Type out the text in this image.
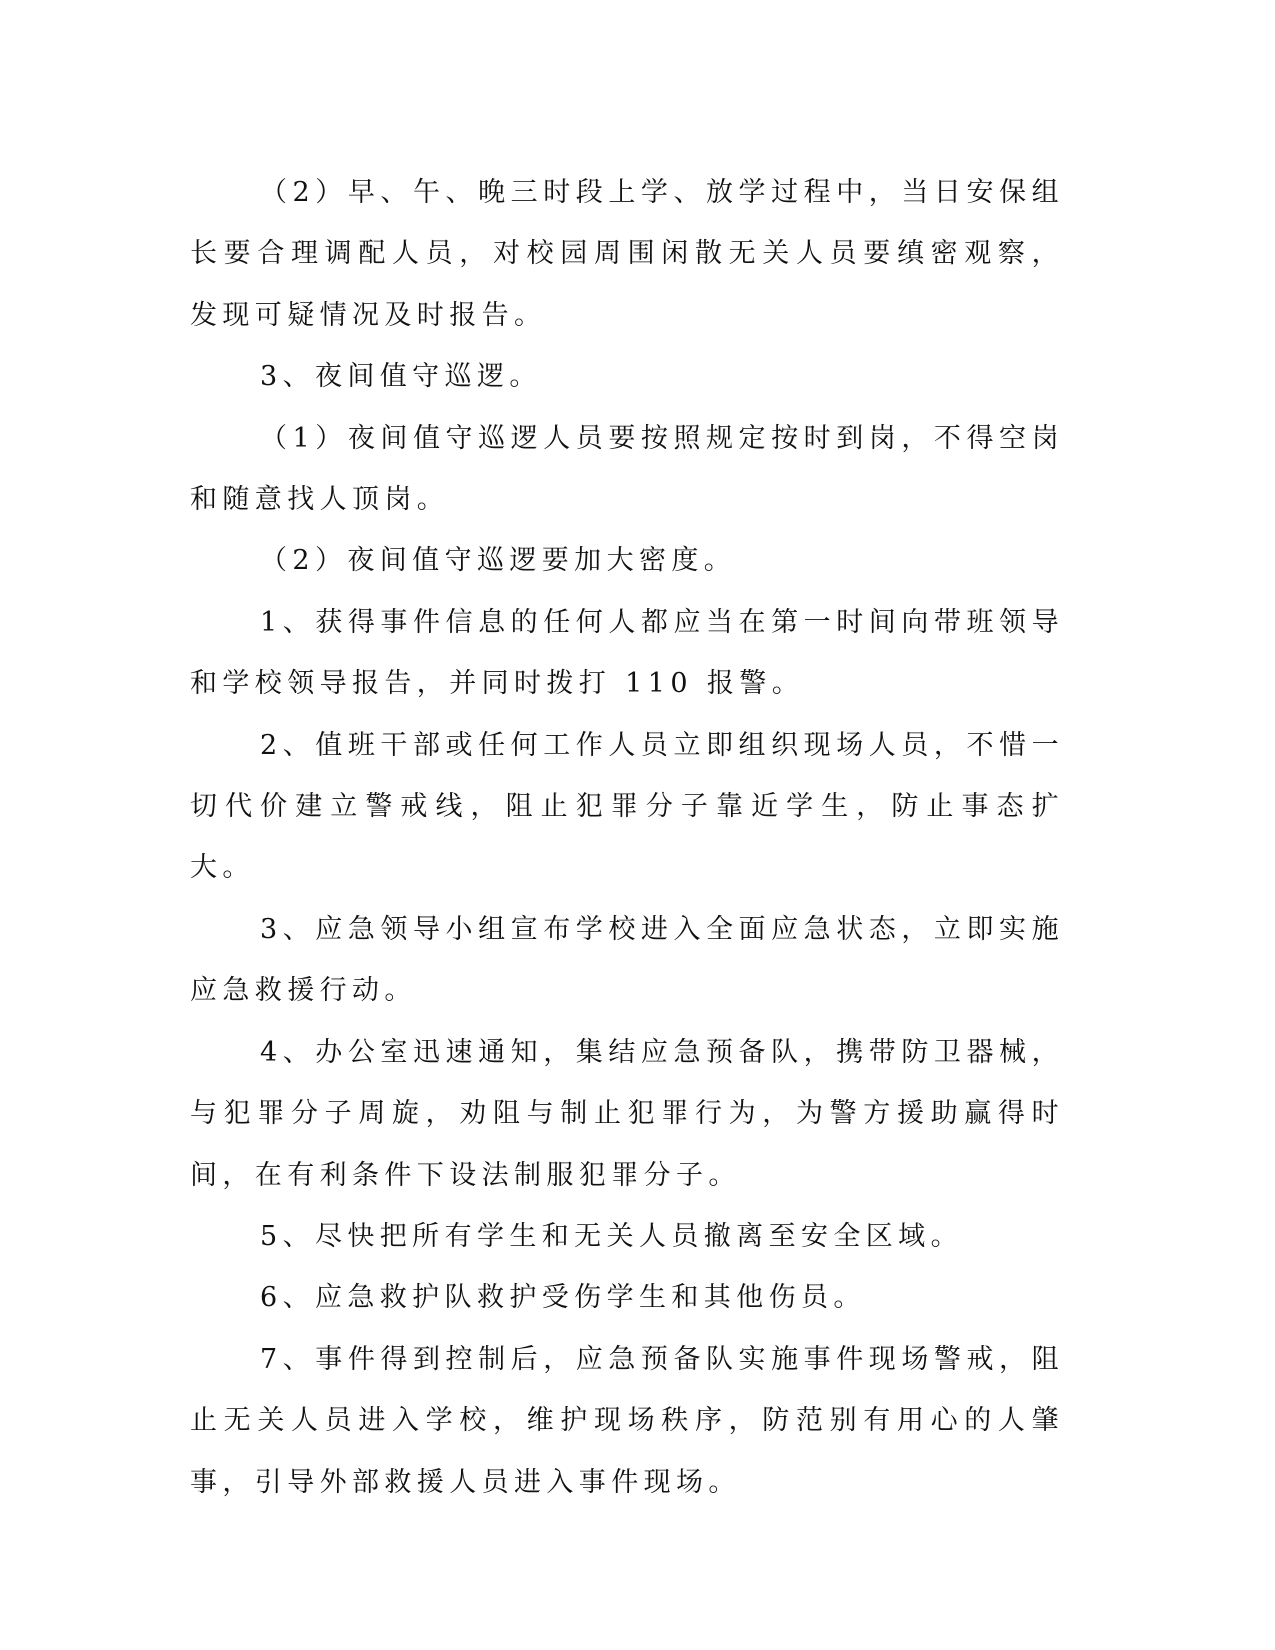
（2）早、午、晚三时段上学、放学过程中，当日安保组长要合理调配人员，对校园周围闲散无关人员要缜密观察，发现可疑情况及时报告。

3、夜间值守巡逻。

（1）夜间值守巡逻人员要按照规定按时到岗，不得空岗和随意找人顶岗。

（2）夜间值守巡逻要加大密度。

1、获得事件信息的任何人都应当在第一时间向带班领导和学校领导报告，并同时拨打 110 报警。

2、值班干部或任何工作人员立即组织现场人员，不惜一切代价建立警戒线，阻止犯罪分子靠近学生，防止事态扩大。

3、应急领导小组宣布学校进入全面应急状态，立即实施应急救援行动。

4、办公室迅速通知，集结应急预备队，携带防卫器械，与犯罪分子周旋，劝阻与制止犯罪行为，为警方援助赢得时间，在有利条件下设法制服犯罪分子。

5、尽快把所有学生和无关人员撤离至安全区域。

6、应急救护队救护受伤学生和其他伤员。

7、事件得到控制后，应急预备队实施事件现场警戒，阻止无关人员进入学校，维护现场秩序，防范别有用心的人肇事，引导外部救援人员进入事件现场。
